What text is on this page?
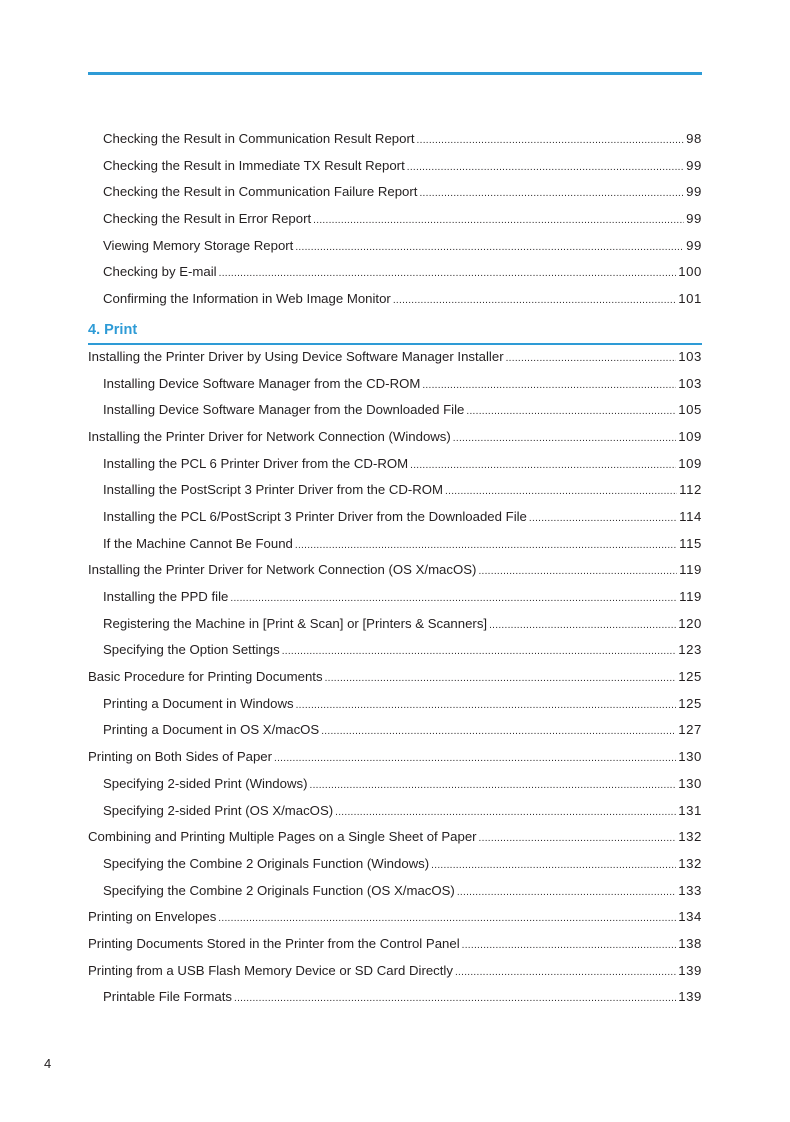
Checking the Result in Communication Result Report .....	98
Checking the Result in Immediate TX Result Report .....	99
Checking the Result in Communication Failure Report .....	99
Checking the Result in Error Report .....	99
Viewing Memory Storage Report .....	99
Checking by E-mail .....	100
Confirming the Information in Web Image Monitor .....	101
4. Print
Installing the Printer Driver by Using Device Software Manager Installer .....	103
Installing Device Software Manager from the CD-ROM .....	103
Installing Device Software Manager from the Downloaded File .....	105
Installing the Printer Driver for Network Connection (Windows) .....	109
Installing the PCL 6 Printer Driver from the CD-ROM .....	109
Installing the PostScript 3 Printer Driver from the CD-ROM .....	112
Installing the PCL 6/PostScript 3 Printer Driver from the Downloaded File .....	114
If the Machine Cannot Be Found .....	115
Installing the Printer Driver for Network Connection (OS X/macOS) .....	119
Installing the PPD file .....	119
Registering the Machine in [Print & Scan] or [Printers & Scanners] .....	120
Specifying the Option Settings .....	123
Basic Procedure for Printing Documents .....	125
Printing a Document in Windows .....	125
Printing a Document in OS X/macOS .....	127
Printing on Both Sides of Paper .....	130
Specifying 2-sided Print (Windows) .....	130
Specifying 2-sided Print (OS X/macOS) .....	131
Combining and Printing Multiple Pages on a Single Sheet of Paper .....	132
Specifying the Combine 2 Originals Function (Windows) .....	132
Specifying the Combine 2 Originals Function (OS X/macOS) .....	133
Printing on Envelopes .....	134
Printing Documents Stored in the Printer from the Control Panel .....	138
Printing from a USB Flash Memory Device or SD Card Directly .....	139
Printable File Formats .....	139
4
